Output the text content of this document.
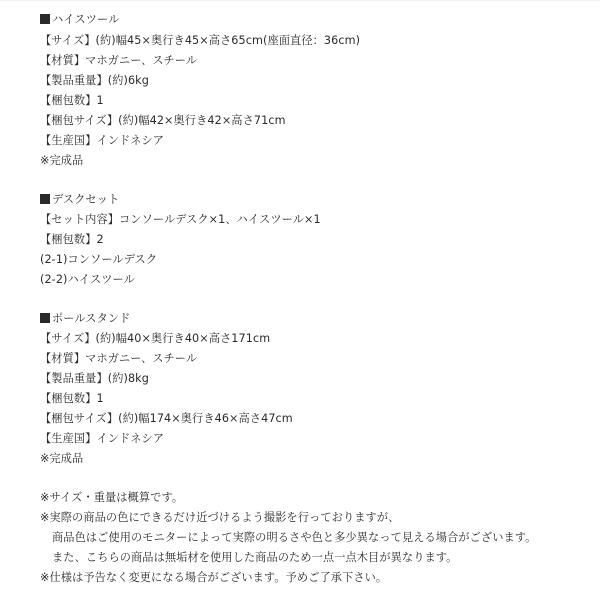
ハイスツール
【サイズ】(約)幅45×奥行き45×高さ65cm(座面直径：36cm)
【材質】マホガニー、スチール
【製品重量】(約)6kg
【梱包数】1
【梱包サイズ】(約)幅42×奥行き42×高さ71cm
【生産国】インドネシア
※完成品
デスクセット
【セット内容】コンソールデスク×1、ハイスツール×1
【梱包数】2
(2-1)コンソールデスク
(2-2)ハイスツール
ポールスタンド
【サイズ】(約)幅40×奥行き40×高さ171cm
【材質】マホガニー、スチール
【製品重量】(約)8kg
【梱包数】1
【梱包サイズ】(約)幅174×奥行き46×高さ47cm
【生産国】インドネシア
※完成品
※サイズ・重量は概算です。
※実際の商品の色にできるだけ近づけるよう撮影を行っておりますが、
商品色はご使用のモニターによって実際の明るさや色と多少異なって見える場合がございます。
また、こちらの商品は無垢材を使用した商品のため一点一点木目が異なります。
※仕様は予告なく変更になる場合がございます。予めご了承下さい。
